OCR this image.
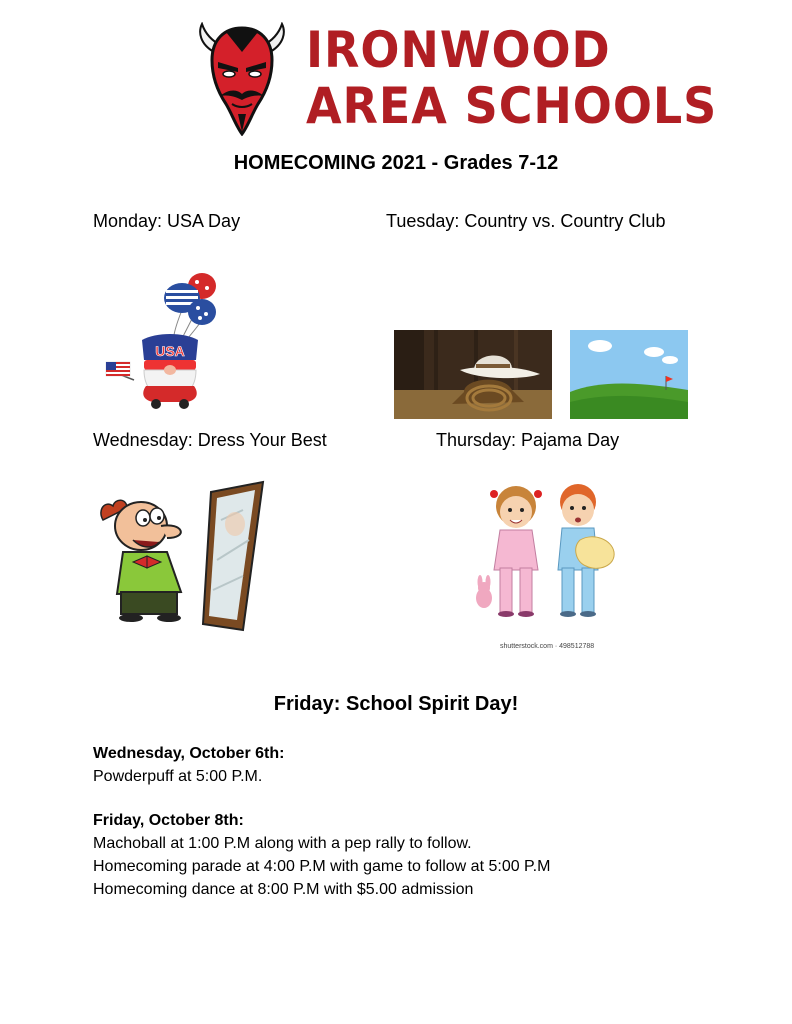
IRONWOOD
AREA SCHOOLS
HOMECOMING 2021 - Grades 7-12
Monday: USA Day	Tuesday: Country vs. Country Club
USA
Wednesday: Dress Your Best	Thursday: Pajama Day
shutterstock.com · 498512788
Friday: School Spirit Day!
Wednesday, October 6th:
Powderpuff at 5:00 P.M.
Friday, October 8th:
Machoball at 1:00 P.M along with a pep rally to follow.
Homecoming parade at 4:00 P.M with game to follow at 5:00 P.M
Homecoming dance at 8:00 P.M with $5.00 admission
